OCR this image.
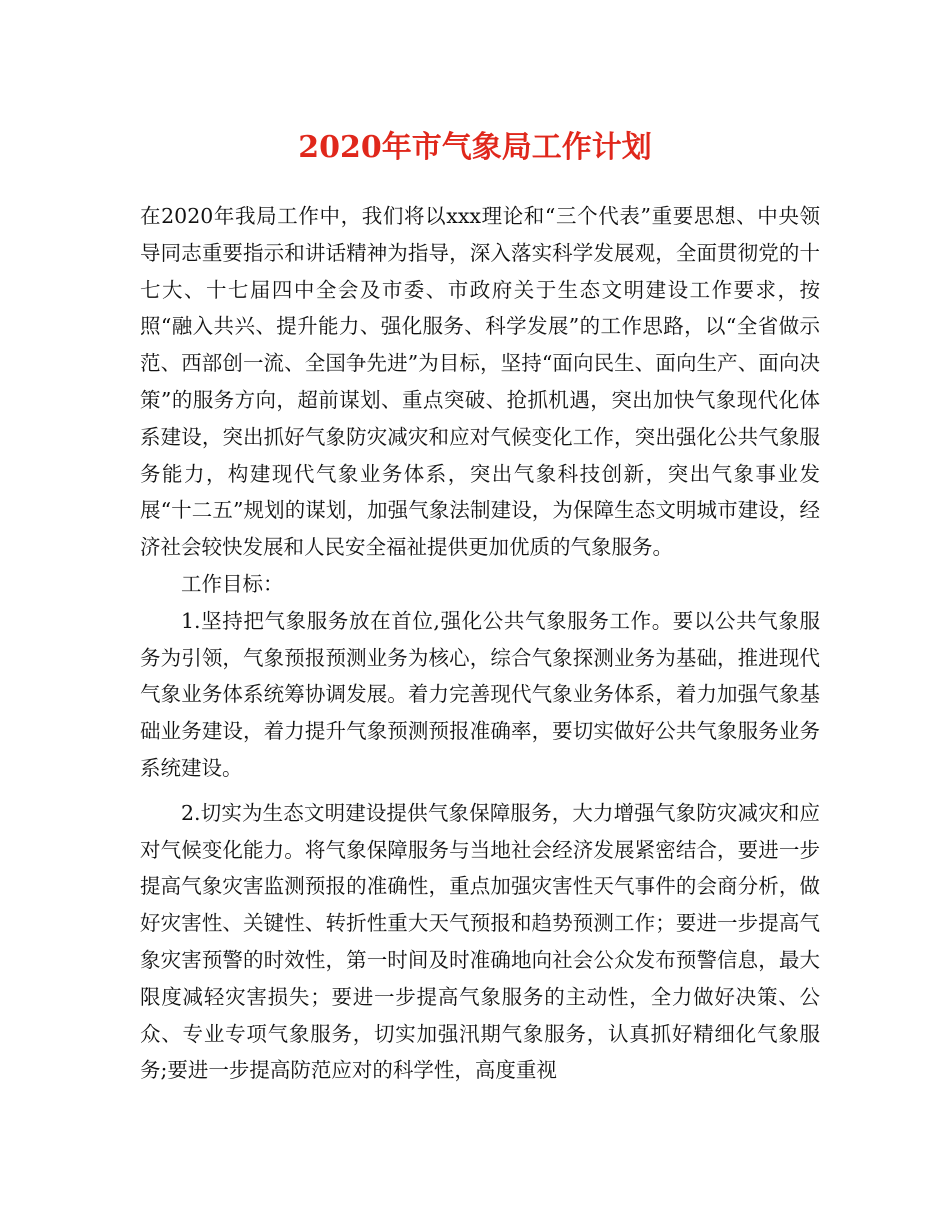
2020年市气象局工作计划

在2020年我局工作中，我们将以xxx理论和“三个代表”重要思想、中央领导同志重要指示和讲话精神为指导，深入落实科学发展观，全面贯彻党的十七大、十七届四中全会及市委、市政府关于生态文明建设工作要求，按照“融入共兴、提升能力、强化服务、科学发展”的工作思路，以“全省做示范、西部创一流、全国争先进”为目标，坚持“面向民生、面向生产、面向决策”的服务方向，超前谋划、重点突破、抢抓机遇，突出加快气象现代化体系建设，突出抓好气象防灾减灾和应对气候变化工作，突出强化公共气象服务能力，构建现代气象业务体系，突出气象科技创新，突出气象事业发展“十二五”规划的谋划，加强气象法制建设，为保障生态文明城市建设，经济社会较快发展和人民安全福祉提供更加优质的气象服务。

工作目标：

1.坚持把气象服务放在首位,强化公共气象服务工作。要以公共气象服务为引领，气象预报预测业务为核心，综合气象探测业务为基础，推进现代气象业务体系统筹协调发展。着力完善现代气象业务体系，着力加强气象基础业务建设，着力提升气象预测预报准确率，要切实做好公共气象服务业务系统建设。

2.切实为生态文明建设提供气象保障服务，大力增强气象防灾减灾和应对气候变化能力。将气象保障服务与当地社会经济发展紧密结合，要进一步提高气象灾害监测预报的准确性，重点加强灾害性天气事件的会商分析，做好灾害性、关键性、转折性重大天气预报和趋势预测工作；要进一步提高气象灾害预警的时效性，第一时间及时准确地向社会公众发布预警信息，最大限度减轻灾害损失；要进一步提高气象服务的主动性，全力做好决策、公众、专业专项气象服务，切实加强汛期气象服务，认真抓好精细化气象服务;要进一步提高防范应对的科学性，高度重视
